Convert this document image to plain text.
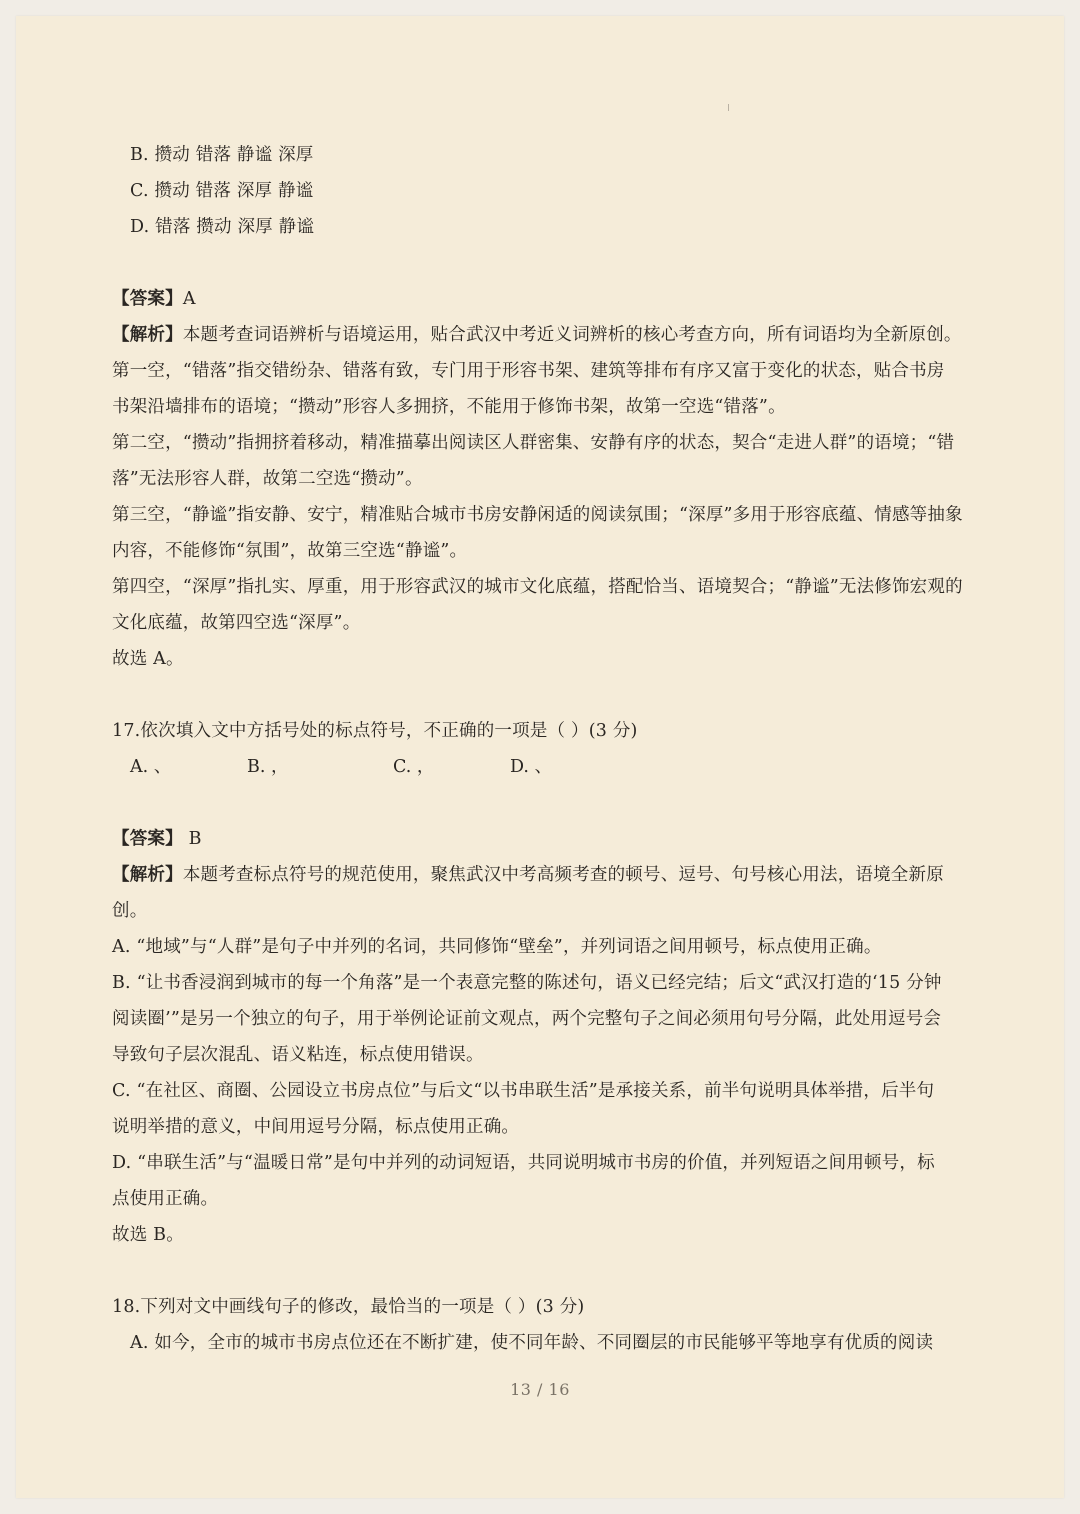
B. 攒动 错落 静谧 深厚
C. 攒动 错落 深厚 静谧
D. 错落 攒动 深厚 静谧
【答案】A
【解析】本题考查词语辨析与语境运用，贴合武汉中考近义词辨析的核心考查方向，所有词语均为全新原创。
第一空，“错落”指交错纷杂、错落有致，专门用于形容书架、建筑等排布有序又富于变化的状态，贴合书房
书架沿墙排布的语境；“攒动”形容人多拥挤，不能用于修饰书架，故第一空选“错落”。
第二空，“攒动”指拥挤着移动，精准描摹出阅读区人群密集、安静有序的状态，契合“走进人群”的语境；“错
落”无法形容人群，故第二空选“攒动”。
第三空，“静谧”指安静、安宁，精准贴合城市书房安静闲适的阅读氛围；“深厚”多用于形容底蕴、情感等抽象
内容，不能修饰“氛围”，故第三空选“静谧”。
第四空，“深厚”指扎实、厚重，用于形容武汉的城市文化底蕴，搭配恰当、语境契合；“静谧”无法修饰宏观的
文化底蕴，故第四空选“深厚”。
故选 A。
17.依次填入文中方括号处的标点符号，不正确的一项是（ ）(3 分)
A. 、	B. ，	C. ，	D. 、
【答案】 B
【解析】本题考查标点符号的规范使用，聚焦武汉中考高频考查的顿号、逗号、句号核心用法，语境全新原
创。
A. “地域”与“人群”是句子中并列的名词，共同修饰“壁垒”，并列词语之间用顿号，标点使用正确。
B. “让书香浸润到城市的每一个角落”是一个表意完整的陈述句，语义已经完结；后文“武汉打造的‘15 分钟
阅读圈’”是另一个独立的句子，用于举例论证前文观点，两个完整句子之间必须用句号分隔，此处用逗号会
导致句子层次混乱、语义粘连，标点使用错误。
C. “在社区、商圈、公园设立书房点位”与后文“以书串联生活”是承接关系，前半句说明具体举措，后半句
说明举措的意义，中间用逗号分隔，标点使用正确。
D. “串联生活”与“温暖日常”是句中并列的动词短语，共同说明城市书房的价值，并列短语之间用顿号，标
点使用正确。
故选 B。
18.下列对文中画线句子的修改，最恰当的一项是（ ）(3 分)
A. 如今，全市的城市书房点位还在不断扩建，使不同年龄、不同圈层的市民能够平等地享有优质的阅读
13 / 16
